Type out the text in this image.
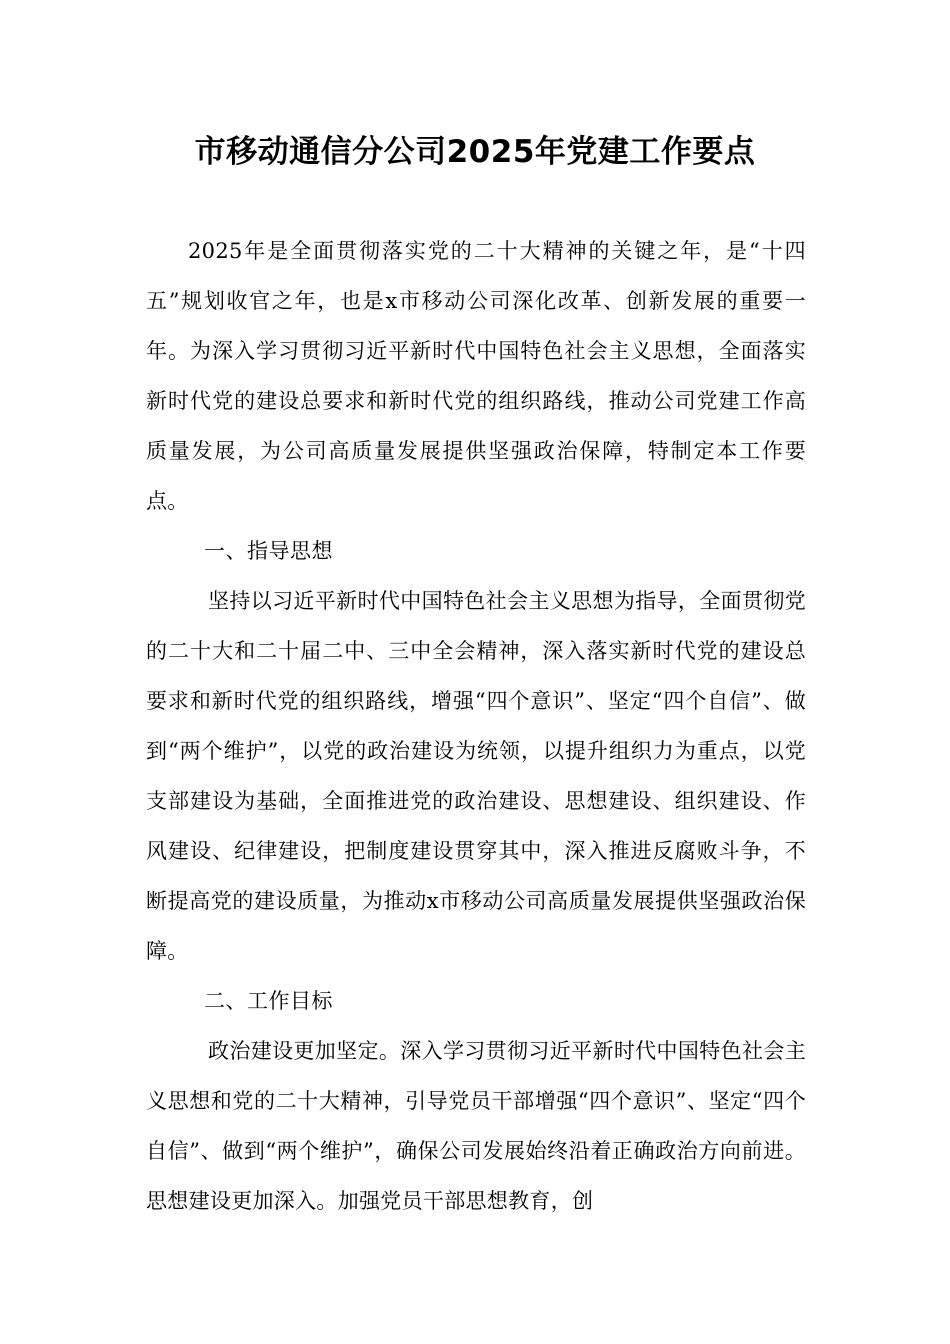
市移动通信分公司2025年党建工作要点

2025年是全面贯彻落实党的二十大精神的关键之年，是“十四五”规划收官之年，也是x市移动公司深化改革、创新发展的重要一年。为深入学习贯彻习近平新时代中国特色社会主义思想，全面落实新时代党的建设总要求和新时代党的组织路线，推动公司党建工作高质量发展，为公司高质量发展提供坚强政治保障，特制定本工作要点。

一、指导思想

坚持以习近平新时代中国特色社会主义思想为指导，全面贯彻党的二十大和二十届二中、三中全会精神，深入落实新时代党的建设总要求和新时代党的组织路线，增强“四个意识”、坚定“四个自信”、做到“两个维护”，以党的政治建设为统领，以提升组织力为重点，以党支部建设为基础，全面推进党的政治建设、思想建设、组织建设、作风建设、纪律建设，把制度建设贯穿其中，深入推进反腐败斗争，不断提高党的建设质量，为推动x市移动公司高质量发展提供坚强政治保障。

二、工作目标

政治建设更加坚定。深入学习贯彻习近平新时代中国特色社会主义思想和党的二十大精神，引导党员干部增强“四个意识”、坚定“四个自信”、做到“两个维护”，确保公司发展始终沿着正确政治方向前进。思想建设更加深入。加强党员干部思想教育，创
